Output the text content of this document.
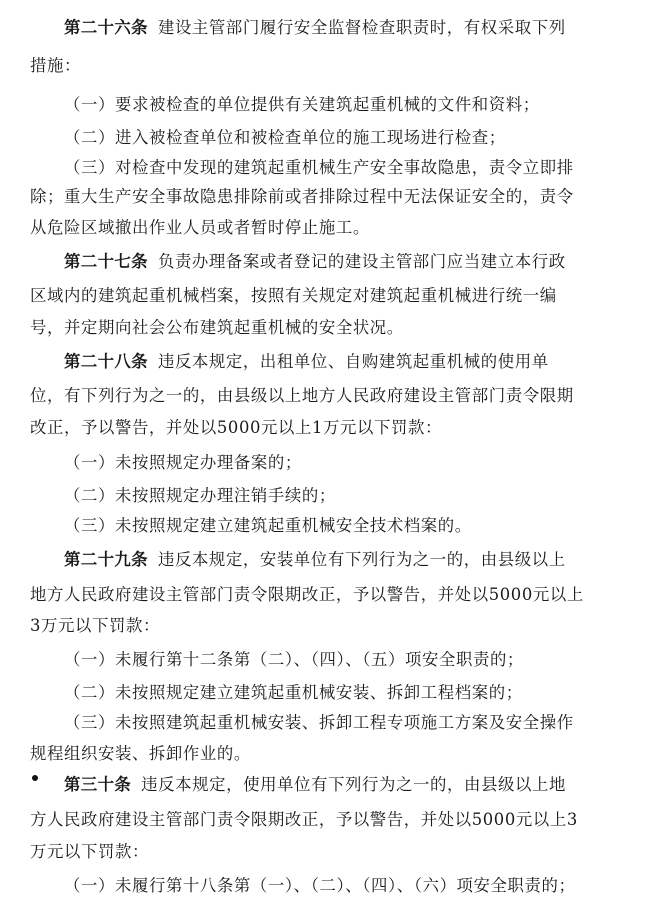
第二十六条 建设主管部门履行安全监督检查职责时，有权采取下列
措施：
（一）要求被检查的单位提供有关建筑起重机械的文件和资料；
（二）进入被检查单位和被检查单位的施工现场进行检查；
（三）对检查中发现的建筑起重机械生产安全事故隐患，责令立即排
除；重大生产安全事故隐患排除前或者排除过程中无法保证安全的，责令
从危险区域撤出作业人员或者暂时停止施工。
第二十七条 负责办理备案或者登记的建设主管部门应当建立本行政
区域内的建筑起重机械档案，按照有关规定对建筑起重机械进行统一编
号，并定期向社会公布建筑起重机械的安全状况。
第二十八条 违反本规定，出租单位、自购建筑起重机械的使用单
位，有下列行为之一的，由县级以上地方人民政府建设主管部门责令限期
改正，予以警告，并处以5000元以上1万元以下罚款：
（一）未按照规定办理备案的；
（二）未按照规定办理注销手续的；
（三）未按照规定建立建筑起重机械安全技术档案的。
第二十九条 违反本规定，安装单位有下列行为之一的，由县级以上
地方人民政府建设主管部门责令限期改正，予以警告，并处以5000元以上
3万元以下罚款：
（一）未履行第十二条第（二）、（四）、（五）项安全职责的；
（二）未按照规定建立建筑起重机械安装、拆卸工程档案的；
（三）未按照建筑起重机械安装、拆卸工程专项施工方案及安全操作
规程组织安装、拆卸作业的。
第三十条 违反本规定，使用单位有下列行为之一的，由县级以上地
方人民政府建设主管部门责令限期改正，予以警告，并处以5000元以上3
万元以下罚款：
（一）未履行第十八条第（一）、（二）、（四）、（六）项安全职责的；
